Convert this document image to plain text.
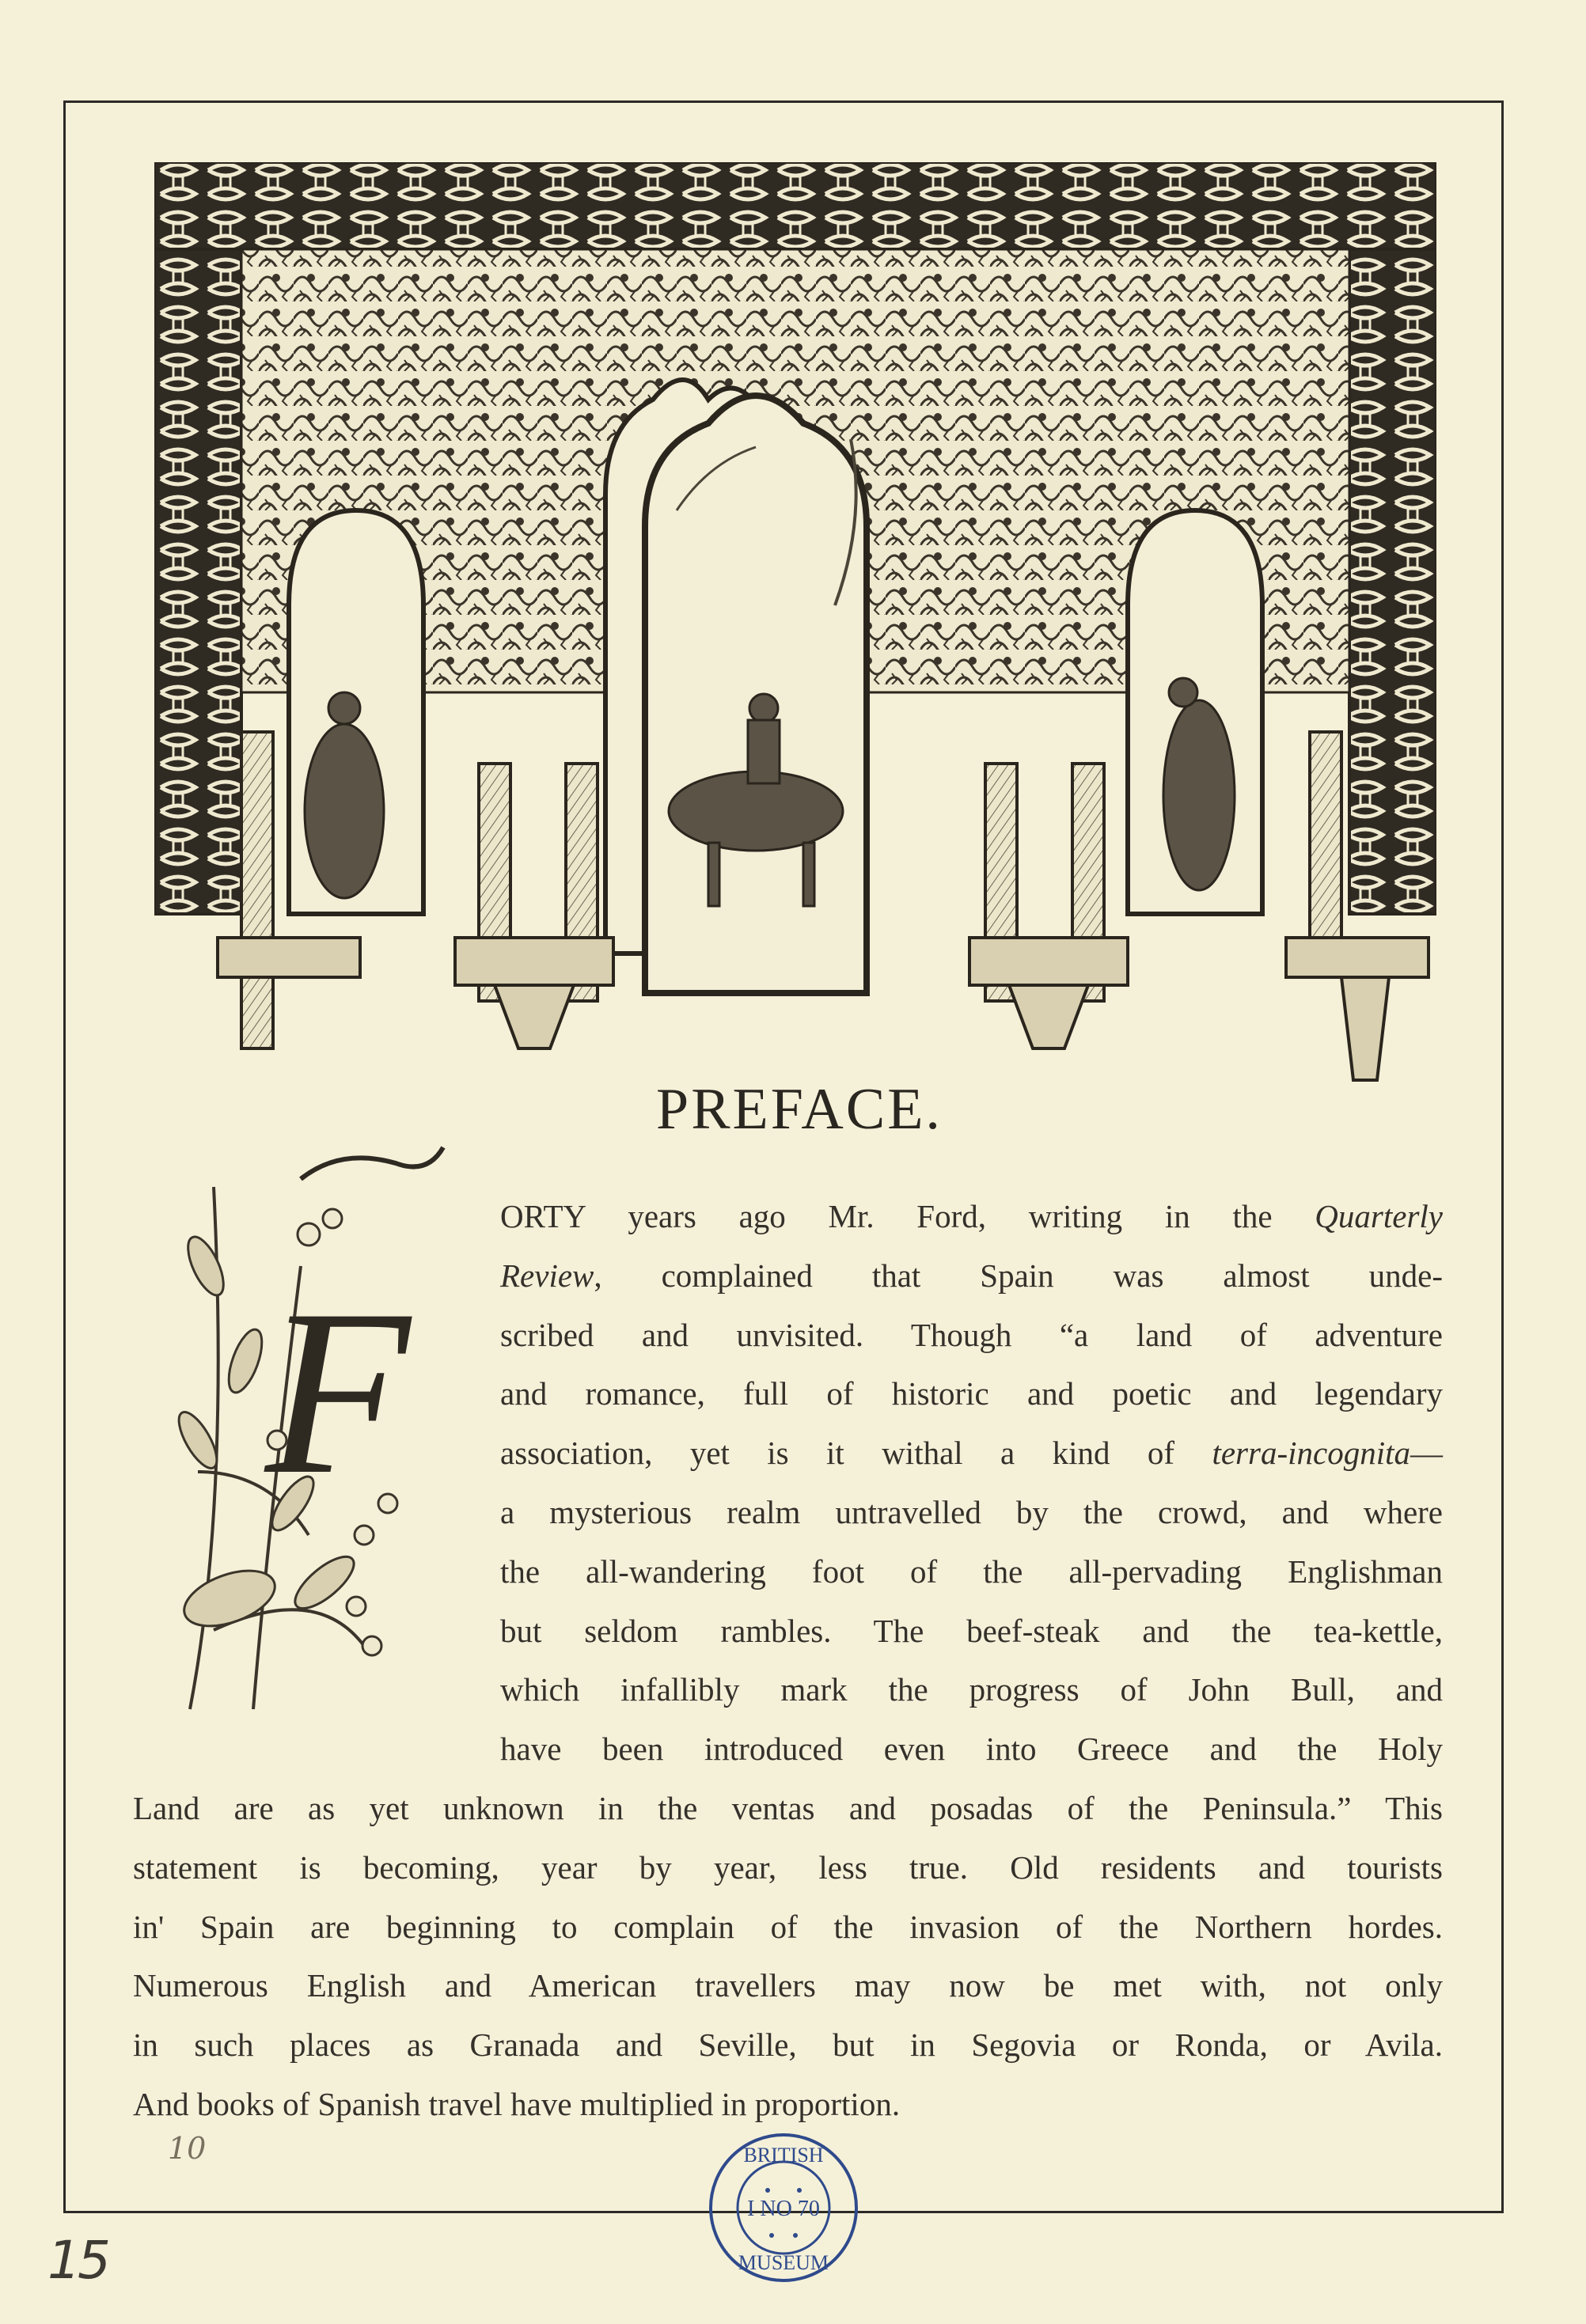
PREFACE.
F
ORTY years ago Mr. Ford, writing in the Quarterly
Review, complained that Spain was almost unde-
scribed and unvisited. Though “a land of adventure
and romance, full of historic and poetic and legendary
association, yet is it withal a kind of terra-incognita—
a mysterious realm untravelled by the crowd, and where
the all-wandering foot of the all-pervading Englishman
but seldom rambles. The beef-steak and the tea-kettle,
which infallibly mark the progress of John Bull, and
have been introduced even into Greece and the Holy
Land are as yet unknown in the ventas and posadas of the Peninsula.” This
statement is becoming, year by year, less true. Old residents and tourists
in' Spain are beginning to complain of the invasion of the Northern hordes.
Numerous English and American travellers may now be met with, not only
in such places as Granada and Seville, but in Segovia or Ronda, or Avila.
And books of Spanish travel have multiplied in proportion.
10
15
BRITISH
I NO 70
MUSEUM
